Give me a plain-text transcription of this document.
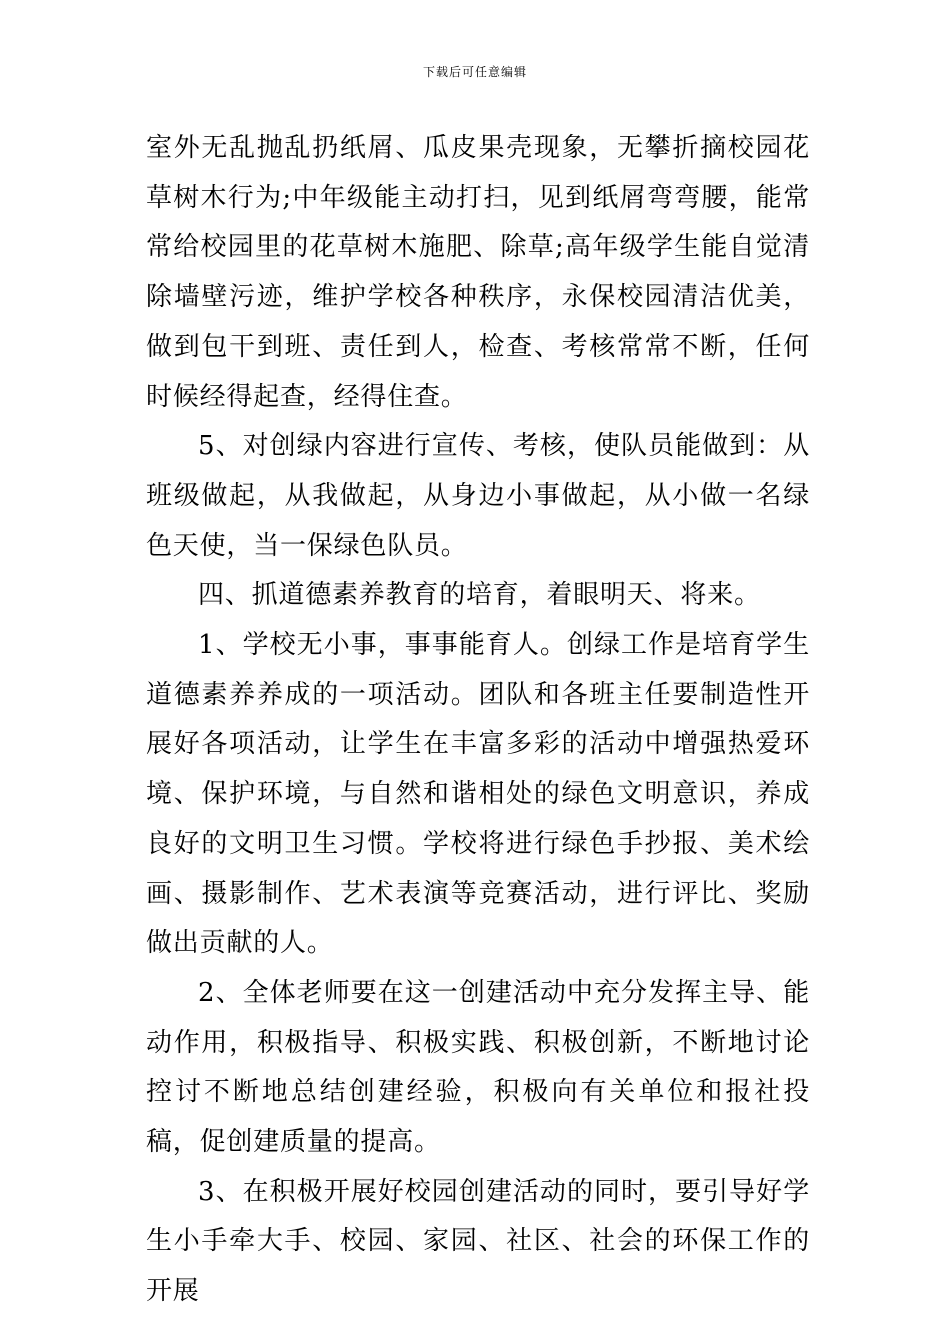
下载后可任意编辑

室外无乱抛乱扔纸屑、瓜皮果壳现象，无攀折摘校园花草树木行为;中年级能主动打扫，见到纸屑弯弯腰，能常常给校园里的花草树木施肥、除草;高年级学生能自觉清除墙壁污迹，维护学校各种秩序，永保校园清洁优美，做到包干到班、责任到人，检查、考核常常不断，任何时候经得起查，经得住查。

5、对创绿内容进行宣传、考核，使队员能做到：从班级做起，从我做起，从身边小事做起，从小做一名绿色天使，当一保绿色队员。

四、抓道德素养教育的培育，着眼明天、将来。

1、学校无小事，事事能育人。创绿工作是培育学生道德素养养成的一项活动。团队和各班主任要制造性开展好各项活动，让学生在丰富多彩的活动中增强热爱环境、保护环境，与自然和谐相处的绿色文明意识，养成良好的文明卫生习惯。学校将进行绿色手抄报、美术绘画、摄影制作、艺术表演等竞赛活动，进行评比、奖励做出贡献的人。

2、全体老师要在这一创建活动中充分发挥主导、能动作用，积极指导、积极实践、积极创新，不断地讨论控讨不断地总结创建经验，积极向有关单位和报社投稿，促创建质量的提高。

3、在积极开展好校园创建活动的同时，要引导好学生小手牵大手、校园、家园、社区、社会的环保工作的开展
